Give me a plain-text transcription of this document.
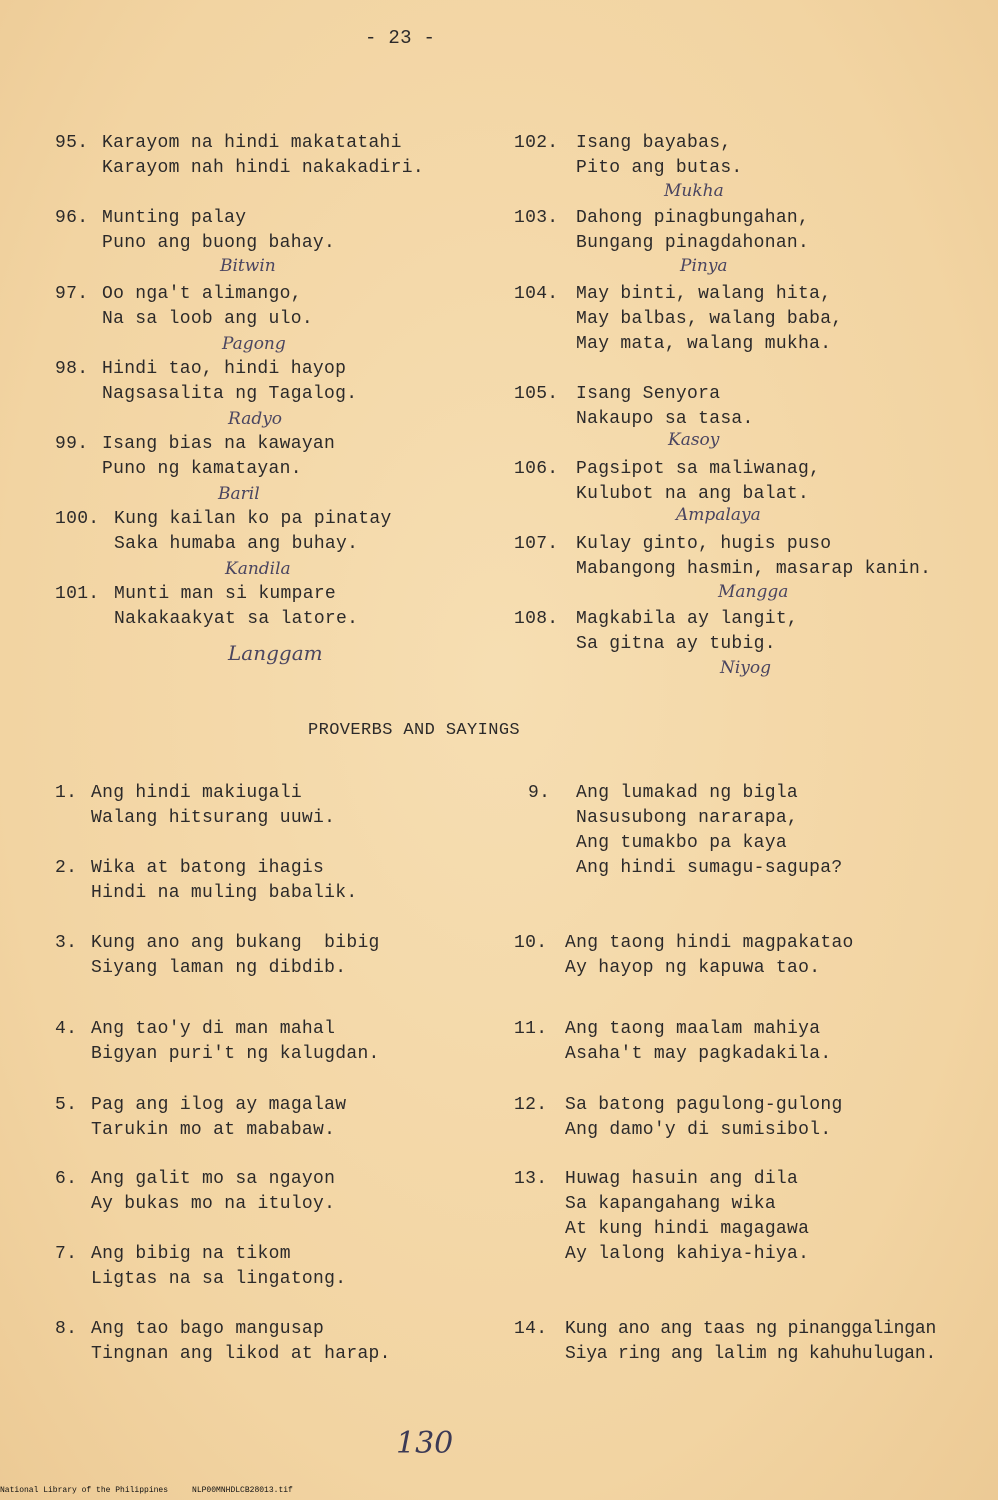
- 23 -
95. Karayom na hindi makatatahi
Karayom nah hindi nakakadiri.
96. Munting palay
Puno ang buong bahay.
Bitwin
97. Oo nga't alimango,
Na sa loob ang ulo.
Pagong
98. Hindi tao, hindi hayop
Nagsasalita ng Tagalog.
Radyo
99. Isang bias na kawayan
Puno ng kamatayan.
Baril
100. Kung kailan ko pa pinatay
Saka humaba ang buhay.
Kandila
101. Munti man si kumpare
Nakakaakyat sa latore.
Langgam
102. Isang bayabas,
Pito ang butas.
Mukha
103. Dahong pinagbungahan,
Bungang pinagdahonan.
Pinya
104. May binti, walang hita,
May balbas, walang baba,
May mata, walang mukha.
Kasoy
105. Isang Senyora
Nakaupo sa tasa.
Ampalaya
106. Pagsipot sa maliwanag,
Kulubot na ang balat.
Mangga
107. Kulay ginto, hugis puso
Mabangong hasmin, masarap kanin.
Niyog
108. Magkabila ay langit,
Sa gitna ay tubig.
PROVERBS AND SAYINGS
1. Ang hindi makiugali
Walang hitsurang uuwi.
2. Wika at batong ihagis
Hindi na muling babalik.
3. Kung ano ang bukang  bibig
Siyang laman ng dibdib.
4. Ang tao'y di man mahal
Bigyan puri't ng kalugdan.
5. Pag ang ilog ay magalaw
Tarukin mo at mababaw.
6. Ang galit mo sa ngayon
Ay bukas mo na ituloy.
7. Ang bibig na tikom
Ligtas na sa lingatong.
8. Ang tao bago mangusap
Tingnan ang likod at harap.
9. Ang lumakad ng bigla
Nasusubong nararapa,
Ang tumakbo pa kaya
Ang hindi sumagu-sagupa?
10. Ang taong hindi magpakatao
Ay hayop ng kapuwa tao.
11. Ang taong maalam mahiya
Asaha't may pagkadakila.
12. Sa batong pagulong-gulong
Ang damo'y di sumisibol.
13. Huwag hasuin ang dila
Sa kapangahang wika
At kung hindi magagawa
Ay lalong kahiya-hiya.
14. Kung ano ang taas ng pinanggalingan
Siya ring ang lalim ng kahuhulugan.
130
National Library of the Philippines     NLP00MNHDLCB28013.tif
